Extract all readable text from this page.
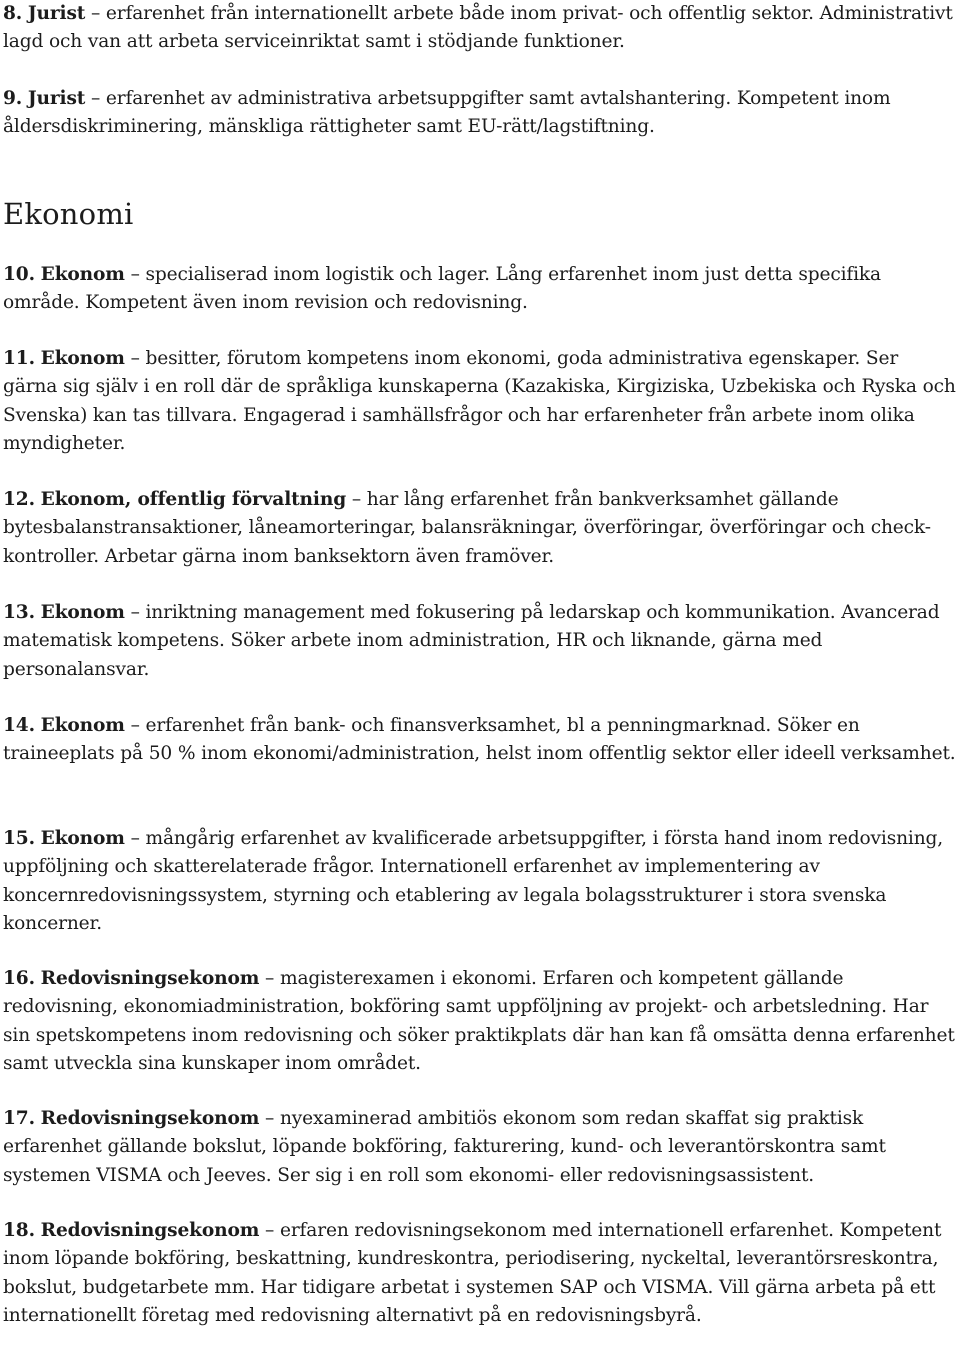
8. Jurist – erfarenhet från internationellt arbete både inom privat- och offentlig sektor. Administrativt lagd och van att arbeta serviceinriktat samt i stödjande funktioner.

9. Jurist – erfarenhet av administrativa arbetsuppgifter samt avtalshantering. Kompetent inom åldersdiskriminering, mänskliga rättigheter samt EU-rätt/lagstiftning.

Ekonomi

10. Ekonom – specialiserad inom logistik och lager. Lång erfarenhet inom just detta specifika område. Kompetent även inom revision och redovisning.

11. Ekonom – besitter, förutom kompetens inom ekonomi, goda administrativa egenskaper. Ser gärna sig själv i en roll där de språkliga kunskaperna (Kazakiska, Kirgiziska, Uzbekiska och Ryska och Svenska) kan tas tillvara. Engagerad i samhällsfrågor och har erfarenheter från arbete inom olika myndigheter.

12. Ekonom, offentlig förvaltning – har lång erfarenhet från bankverksamhet gällande bytesbalanstransaktioner, låneamorteringar, balansräkningar, överföringar, överföringar och check-kontroller. Arbetar gärna inom banksektorn även framöver.

13. Ekonom – inriktning management med fokusering på ledarskap och kommunikation. Avancerad matematisk kompetens. Söker arbete inom administration, HR och liknande, gärna med personalansvar.

14. Ekonom – erfarenhet från bank- och finansverksamhet, bl a penningmarknad. Söker en traineeplats på 50 % inom ekonomi/administration, helst inom offentlig sektor eller ideell verksamhet.

15. Ekonom – mångårig erfarenhet av kvalificerade arbetsuppgifter, i första hand inom redovisning, uppföljning och skatterelaterade frågor. Internationell erfarenhet av implementering av koncernredovisningssystem, styrning och etablering av legala bolagsstrukturer i stora svenska koncerner.

16. Redovisningsekonom – magisterexamen i ekonomi. Erfaren och kompetent gällande redovisning, ekonomiadministration, bokföring samt uppföljning av projekt- och arbetsledning. Har sin spetskompetens inom redovisning och söker praktikplats där han kan få omsätta denna erfarenhet samt utveckla sina kunskaper inom området.

17. Redovisningsekonom – nyexaminerad ambitiös ekonom som redan skaffat sig praktisk erfarenhet gällande bokslut, löpande bokföring, fakturering, kund- och leverantörskontra samt systemen VISMA och Jeeves. Ser sig i en roll som ekonomi- eller redovisningsassistent.

18. Redovisningsekonom – erfaren redovisningsekonom med internationell erfarenhet. Kompetent inom löpande bokföring, beskattning, kundreskontra, periodisering, nyckeltal, leverantörsreskontra, bokslut, budgetarbete mm. Har tidigare arbetat i systemen SAP och VISMA. Vill gärna arbeta på ett internationellt företag med redovisning alternativt på en redovisningsbyrå.
